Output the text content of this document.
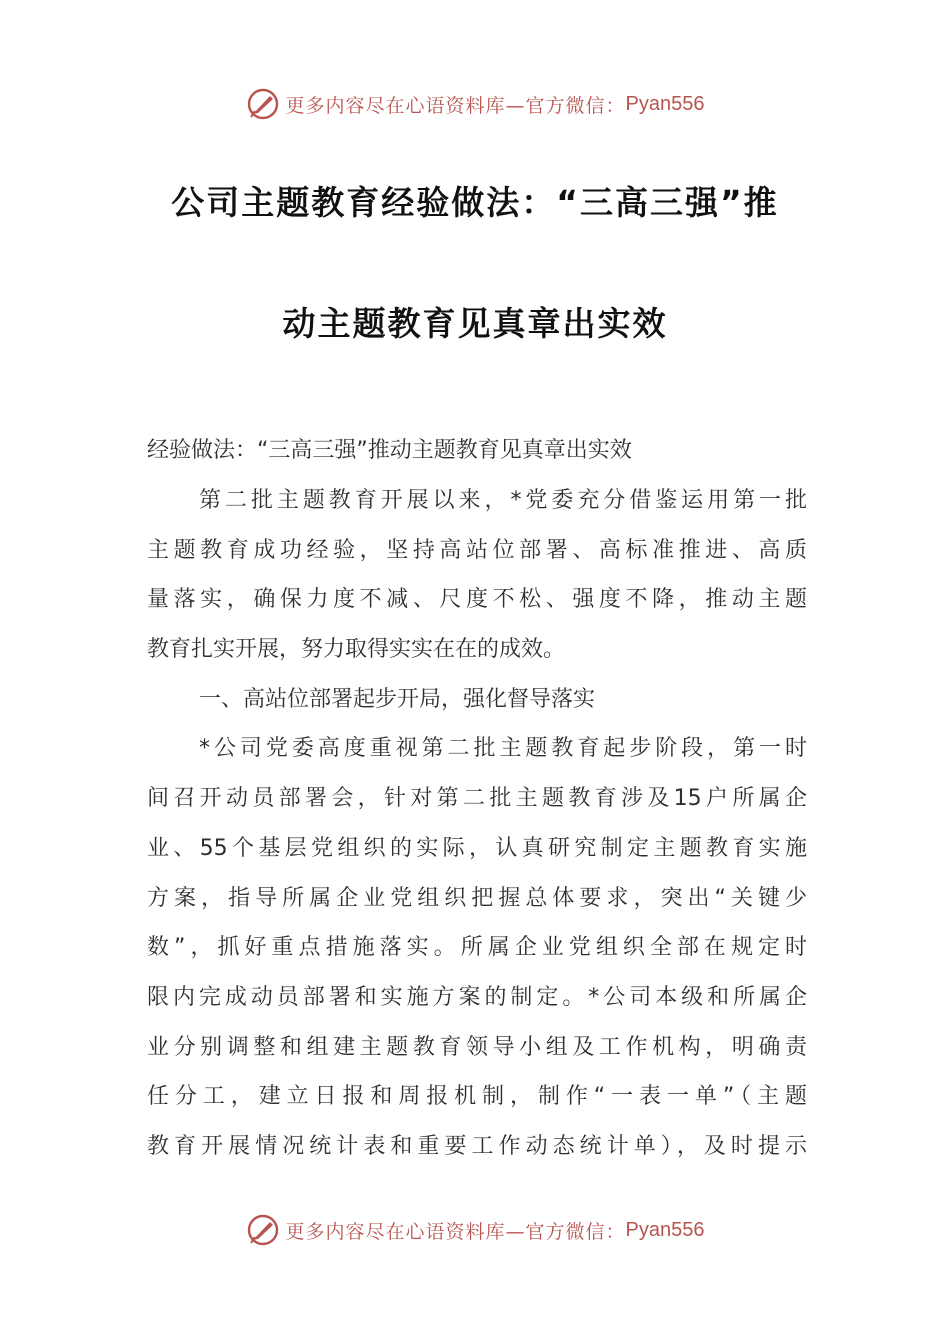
更多内容尽在心语资料库—官方微信： Pyan556
公司主题教育经验做法：“三高三强”推
动主题教育见真章出实效
经验做法：“三高三强”推动主题教育见真章出实效
第二批主题教育开展以来，*党委充分借鉴运用第一批
主题教育成功经验，坚持高站位部署、高标准推进、高质
量落实，确保力度不减、尺度不松、强度不降，推动主题
教育扎实开展，努力取得实实在在的成效。
一、高站位部署起步开局，强化督导落实
*公司党委高度重视第二批主题教育起步阶段，第一时
间召开动员部署会，针对第二批主题教育涉及15户所属企
业、55个基层党组织的实际，认真研究制定主题教育实施
方案，指导所属企业党组织把握总体要求，突出“关键少
数”，抓好重点措施落实。所属企业党组织全部在规定时
限内完成动员部署和实施方案的制定。*公司本级和所属企
业分别调整和组建主题教育领导小组及工作机构，明确责
任分工，建立日报和周报机制，制作“一表一单”（主题
教育开展情况统计表和重要工作动态统计单），及时提示
更多内容尽在心语资料库—官方微信： Pyan556
